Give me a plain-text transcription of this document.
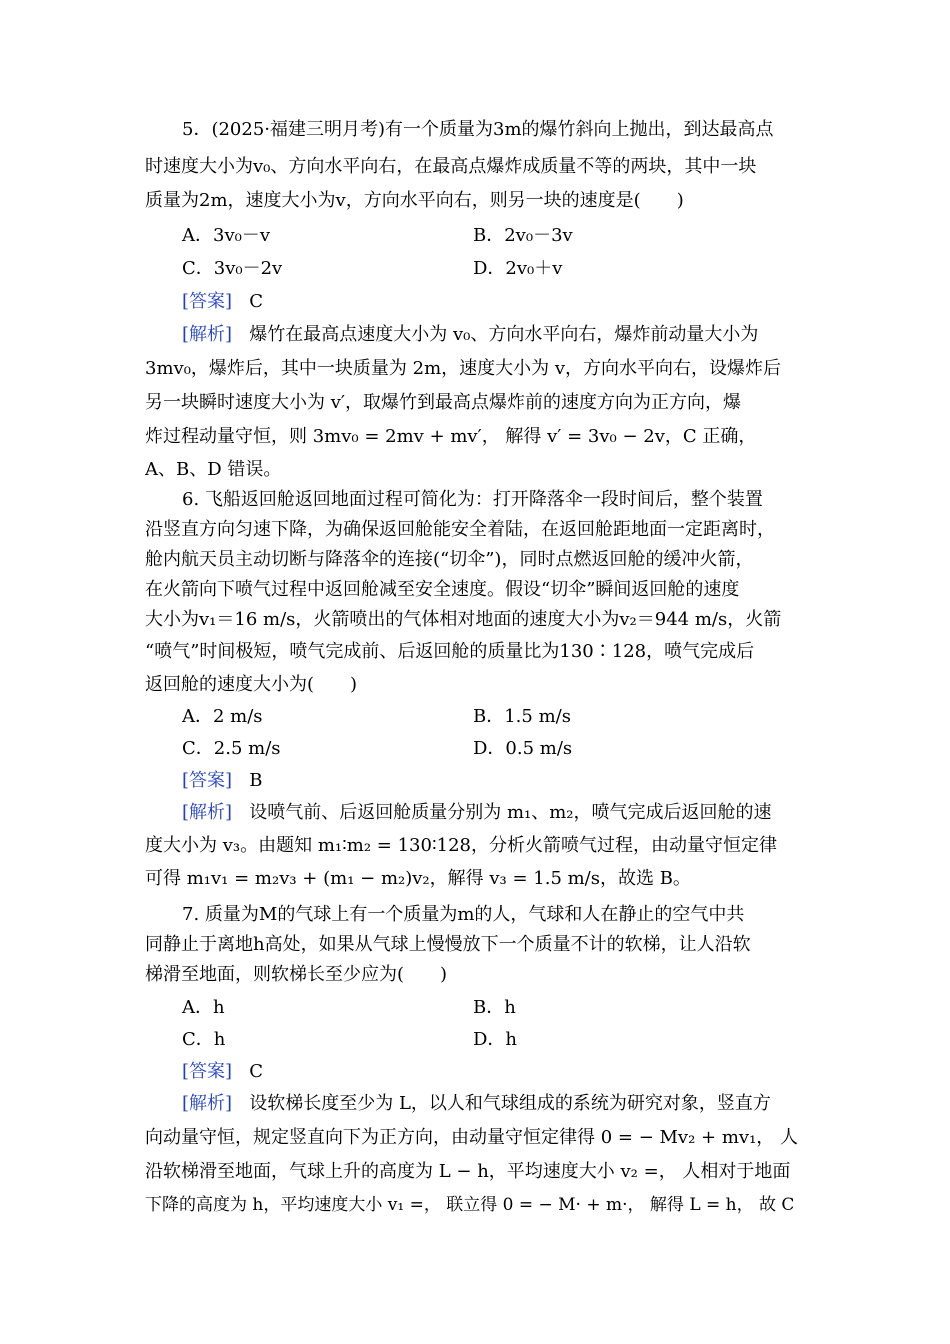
5．(2025·福建三明月考)有一个质量为3m的爆竹斜向上抛出，到达最高点
时速度大小为v₀、方向水平向右，在最高点爆炸成质量不等的两块，其中一块
质量为2m，速度大小为v，方向水平向右，则另一块的速度是(　　)
A．3v₀－v	B．2v₀－3v
C．3v₀－2v	D．2v₀＋v
[答案] C
[解析] 爆竹在最高点速度大小为 v₀、方向水平向右，爆炸前动量大小为
3mv₀，爆炸后，其中一块质量为 2m，速度大小为 v，方向水平向右，设爆炸后
另一块瞬时速度大小为 v′，取爆竹到最高点爆炸前的速度方向为正方向，爆
炸过程动量守恒，则 3mv₀ = 2mv + mv′， 解得 v′ = 3v₀ − 2v，C 正确，
A、B、D 错误。
6. 飞船返回舱返回地面过程可简化为：打开降落伞一段时间后，整个装置
沿竖直方向匀速下降，为确保返回舱能安全着陆，在返回舱距地面一定距离时，
舱内航天员主动切断与降落伞的连接(“切伞”)，同时点燃返回舱的缓冲火箭，
在火箭向下喷气过程中返回舱减至安全速度。假设“切伞”瞬间返回舱的速度
大小为v₁＝16 m/s，火箭喷出的气体相对地面的速度大小为v₂＝944 m/s，火箭
“喷气”时间极短，喷气完成前、后返回舱的质量比为130∶128，喷气完成后
返回舱的速度大小为(　　)
A．2 m/s	B．1.5 m/s
C．2.5 m/s	D．0.5 m/s
[答案] B
[解析] 设喷气前、后返回舱质量分别为 m₁、m₂，喷气完成后返回舱的速
度大小为 v₃。由题知 m₁∶m₂ = 130∶128，分析火箭喷气过程，由动量守恒定律
可得 m₁v₁ = m₂v₃ + (m₁ − m₂)v₂，解得 v₃ = 1.5 m/s，故选 B。
7. 质量为M的气球上有一个质量为m的人，气球和人在静止的空气中共
同静止于离地h高处，如果从气球上慢慢放下一个质量不计的软梯，让人沿软
梯滑至地面，则软梯长至少应为(　　)
A．h	B．h
C．h	D．h
[答案] C
[解析] 设软梯长度至少为 L，以人和气球组成的系统为研究对象，竖直方
向动量守恒，规定竖直向下为正方向，由动量守恒定律得 0 = − Mv₂ + mv₁， 人
沿软梯滑至地面，气球上升的高度为 L − h，平均速度大小 v₂ =， 人相对于地面
下降的高度为 h，平均速度大小 v₁ =， 联立得 0 = − M· + m·， 解得 L = h， 故 C
